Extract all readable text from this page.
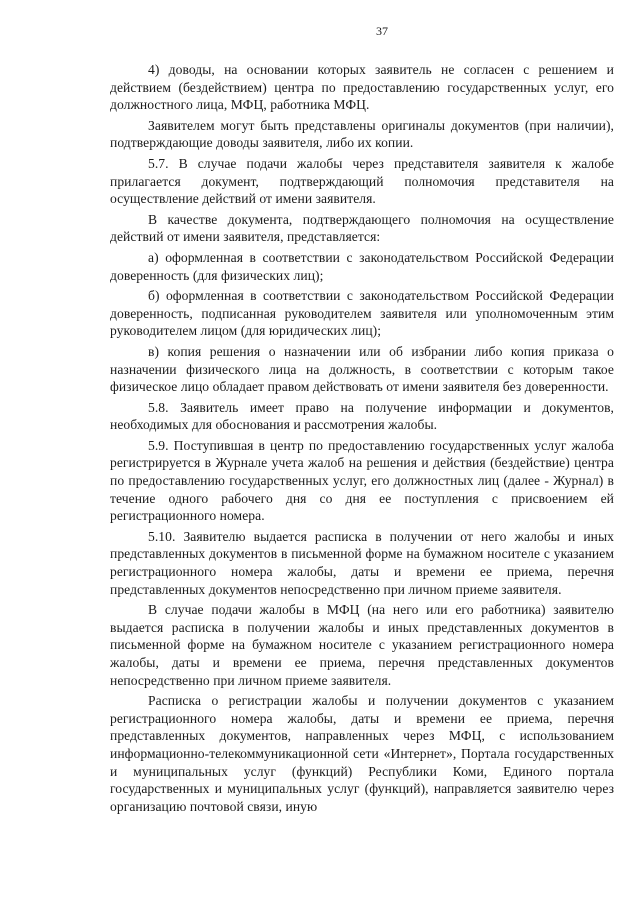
37

4) доводы, на основании которых заявитель не согласен с решением и действием (бездействием) центра по предоставлению государственных услуг, его должностного лица, МФЦ, работника МФЦ.

Заявителем могут быть представлены оригиналы документов (при наличии), подтверждающие доводы заявителя, либо их копии.

5.7. В случае подачи жалобы через представителя заявителя к жалобе прилагается документ, подтверждающий полномочия представителя на осуществление действий от имени заявителя.

В качестве документа, подтверждающего полномочия на осуществление действий от имени заявителя, представляется:

а) оформленная в соответствии с законодательством Российской Федерации доверенность (для физических лиц);

б) оформленная в соответствии с законодательством Российской Федерации доверенность, подписанная руководителем заявителя или уполномоченным этим руководителем лицом (для юридических лиц);

в) копия решения о назначении или об избрании либо копия приказа о назначении физического лица на должность, в соответствии с которым такое физическое лицо обладает правом действовать от имени заявителя без доверенности.

5.8. Заявитель имеет право на получение информации и документов, необходимых для обоснования и рассмотрения жалобы.

5.9. Поступившая в центр по предоставлению государственных услуг жалоба регистрируется в Журнале учета жалоб на решения и действия (бездействие) центра по предоставлению государственных услуг, его должностных лиц (далее - Журнал) в течение одного рабочего дня со дня ее поступления с присвоением ей регистрационного номера.

5.10. Заявителю выдается расписка в получении от него жалобы и иных представленных документов в письменной форме на бумажном носителе с указанием регистрационного номера жалобы, даты и времени ее приема, перечня представленных документов непосредственно при личном приеме заявителя.

В случае подачи жалобы в МФЦ (на него или его работника) заявителю выдается расписка в получении жалобы и иных представленных документов в письменной форме на бумажном носителе с указанием регистрационного номера жалобы, даты и времени ее приема, перечня представленных документов непосредственно при личном приеме заявителя.

Расписка о регистрации жалобы и получении документов с указанием регистрационного номера жалобы, даты и времени ее приема, перечня представленных документов, направленных через МФЦ, с использованием информационно-телекоммуникационной сети «Интернет», Портала государственных и муниципальных услуг (функций) Республики Коми, Единого портала государственных и муниципальных услуг (функций), направляется заявителю через организацию почтовой связи, иную
